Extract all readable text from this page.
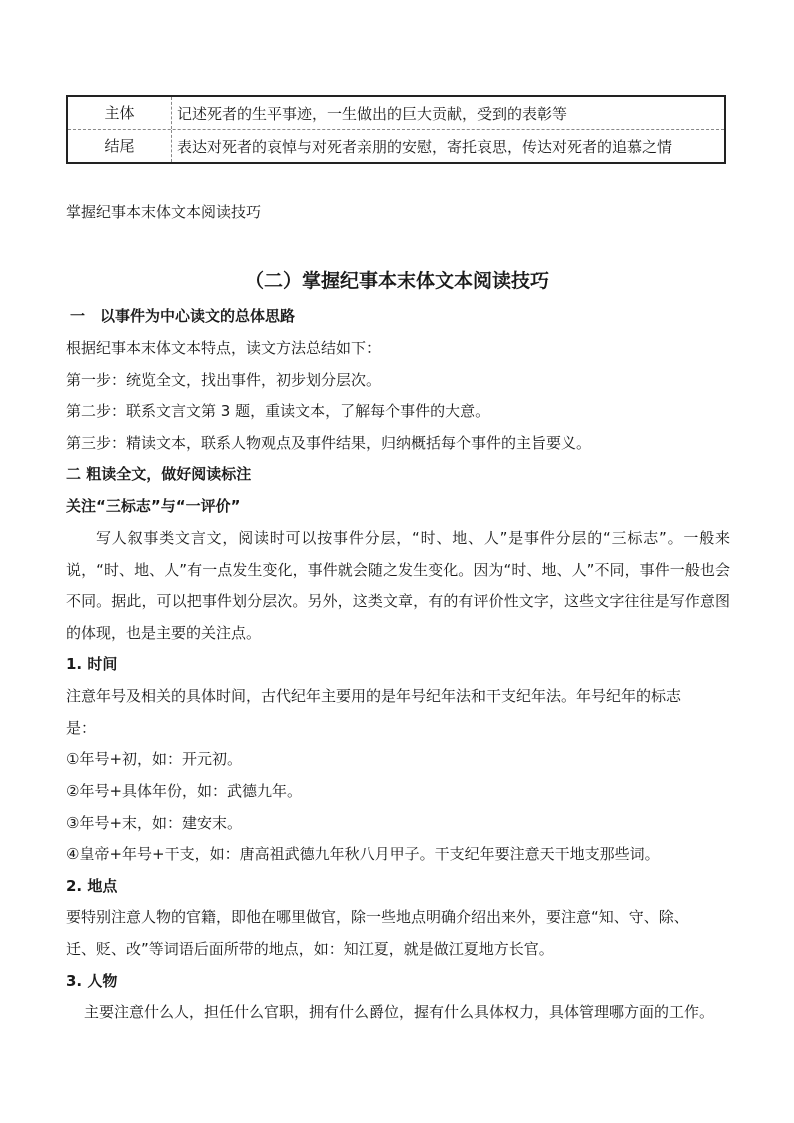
主体	记述死者的生平事迹，一生做出的巨大贡献，受到的表彰等
结尾	表达对死者的哀悼与对死者亲朋的安慰，寄托哀思，传达对死者的追慕之情
掌握纪事本末体文本阅读技巧
（二）掌握纪事本末体文本阅读技巧
一　以事件为中心读文的总体思路
根据纪事本末体文本特点，读文方法总结如下：
第一步：统览全文，找出事件，初步划分层次。
第二步：联系文言文第 3 题，重读文本，了解每个事件的大意。
第三步：精读文本，联系人物观点及事件结果，归纳概括每个事件的主旨要义。
二 粗读全文，做好阅读标注
关注“三标志”与“一评价”
写人叙事类文言文，阅读时可以按事件分层，“时、地、人”是事件分层的“三标志”。一般来说，“时、地、人”有一点发生变化，事件就会随之发生变化。因为“时、地、人”不同，事件一般也会不同。据此，可以把事件划分层次。另外，这类文章，有的有评价性文字，这些文字往往是写作意图的体现，也是主要的关注点。
1. 时间
注意年号及相关的具体时间，古代纪年主要用的是年号纪年法和干支纪年法。年号纪年的标志
是：
①年号+初，如：开元初。
②年号+具体年份，如：武德九年。
③年号+末，如：建安末。
④皇帝+年号+干支，如：唐高祖武德九年秋八月甲子。干支纪年要注意天干地支那些词。
2. 地点
要特别注意人物的官籍，即他在哪里做官，除一些地点明确介绍出来外，要注意“知、守、除、
迁、贬、改”等词语后面所带的地点，如：知江夏，就是做江夏地方长官。
3. 人物
主要注意什么人，担任什么官职，拥有什么爵位，握有什么具体权力，具体管理哪方面的工作。
